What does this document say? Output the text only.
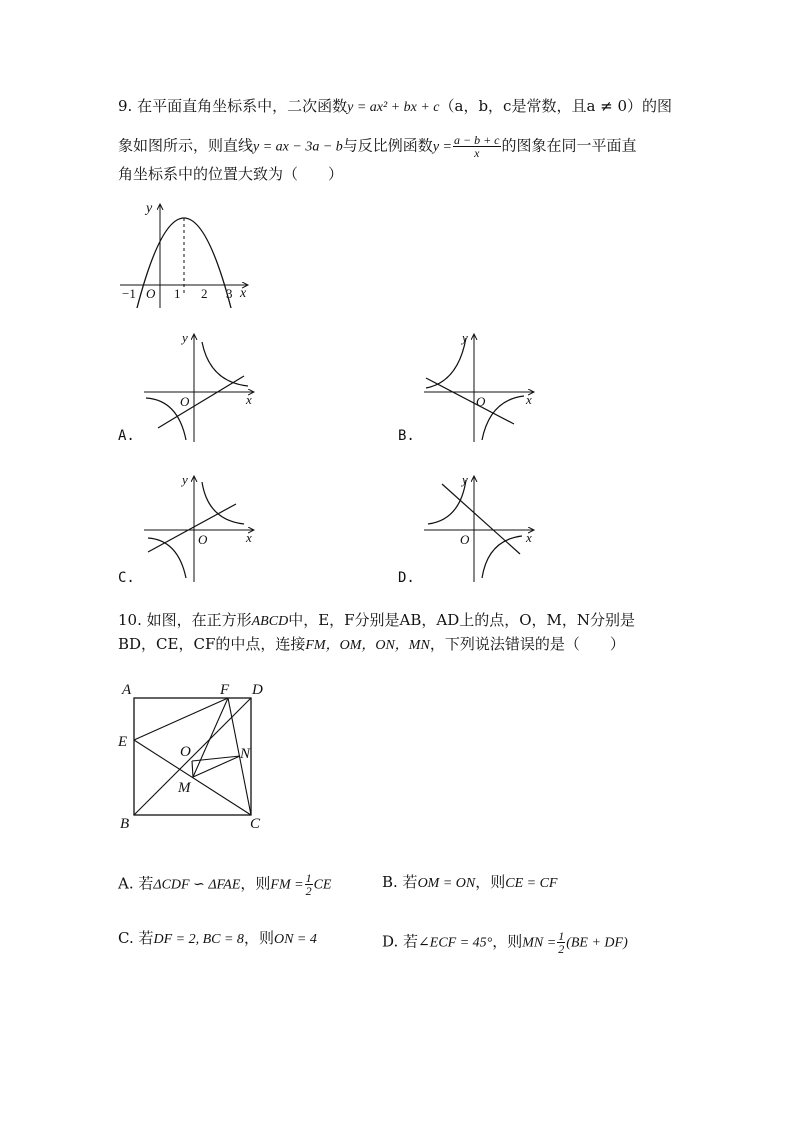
9. 在平面直角坐标系中，二次函数y = ax² + bx + c（a，b，c是常数，且a ≠ 0）的图
象如图所示，则直线y = ax − 3a − b与反比例函数$y = \frac{a - b + c}{x}$ 的图象在同一平面直
角坐标系中的位置大致为（　　）
y
x
O
−1	1 2 3
y
x
O
A.
y
x
O
B.
y
x
O
C.
y
x
O
D.
10. 如图，在正方形ABCD中，E，F分别是AB，AD上的点，O，M，N分别是
BD，CE，CF的中点，连接FM，OM，ON，MN，下列说法错误的是（　　）
A
B	C
D
E
F
O
M
N
A. 若ΔCDF ∽ ΔFAE，则FM = $\frac{1}{2}$ CE	B. 若OM = ON，则CE = CF
C. 若DF = 2, BC = 8，则ON = 4	D. 若∠ECF = 45°，则MN = $\frac{1}{2} (BE + DF)$
